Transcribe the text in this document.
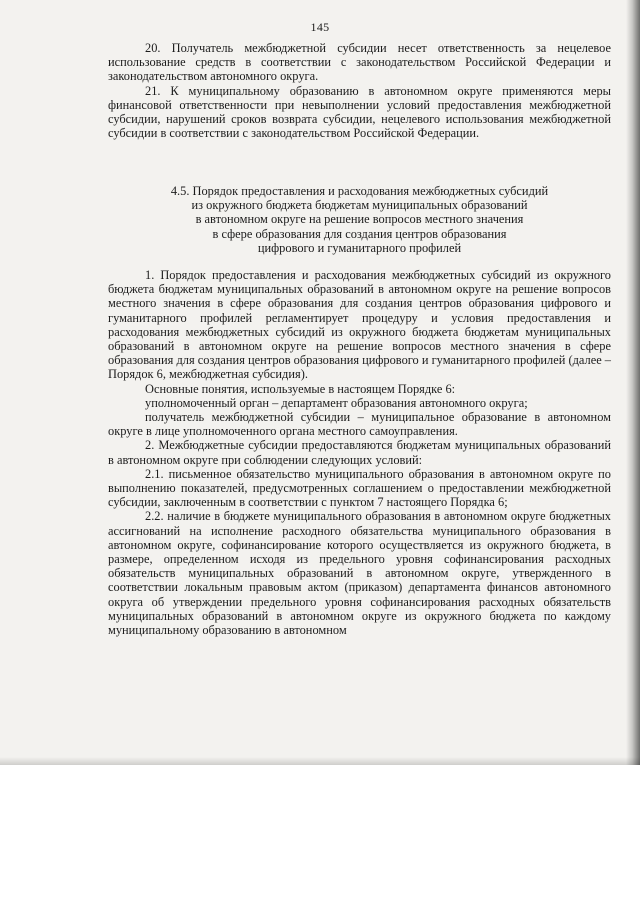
145

20. Получатель межбюджетной субсидии несет ответственность за нецелевое использование средств в соответствии с законодательством Российской Федерации и законодательством автономного округа.

21. К муниципальному образованию в автономном округе применяются меры финансовой ответственности при невыполнении условий предоставления межбюджетной субсидии, нарушений сроков возврата субсидии, нецелевого использования межбюджетной субсидии в соответствии с законодательством Российской Федерации.

4.5. Порядок предоставления и расходования межбюджетных субсидий
из окружного бюджета бюджетам муниципальных образований
в автономном округе на решение вопросов местного значения
в сфере образования для создания центров образования
цифрового и гуманитарного профилей

1. Порядок предоставления и расходования межбюджетных субсидий из окружного бюджета бюджетам муниципальных образований в автономном округе на решение вопросов местного значения в сфере образования для создания центров образования цифрового и гуманитарного профилей регламентирует процедуру и условия предоставления и расходования межбюджетных субсидий из окружного бюджета бюджетам муниципальных образований в автономном округе на решение вопросов местного значения в сфере образования для создания центров образования цифрового и гуманитарного профилей (далее – Порядок 6, межбюджетная субсидия).

Основные понятия, используемые в настоящем Порядке 6:

уполномоченный орган – департамент образования автономного округа;

получатель межбюджетной субсидии – муниципальное образование в автономном округе в лице уполномоченного органа местного самоуправления.

2. Межбюджетные субсидии предоставляются бюджетам муниципальных образований в автономном округе при соблюдении следующих условий:

2.1. письменное обязательство муниципального образования в автономном округе по выполнению показателей, предусмотренных соглашением о предоставлении межбюджетной субсидии, заключенным в соответствии с пунктом 7 настоящего Порядка 6;

2.2. наличие в бюджете муниципального образования в автономном округе бюджетных ассигнований на исполнение расходного обязательства муниципального образования в автономном округе, софинансирование которого осуществляется из окружного бюджета, в размере, определенном исходя из предельного уровня софинансирования расходных обязательств муниципальных образований в автономном округе, утвержденного в соответствии локальным правовым актом (приказом) департамента финансов автономного округа об утверждении предельного уровня софинансирования расходных обязательств муниципальных образований в автономном округе из окружного бюджета по каждому муниципальному образованию в автономном
